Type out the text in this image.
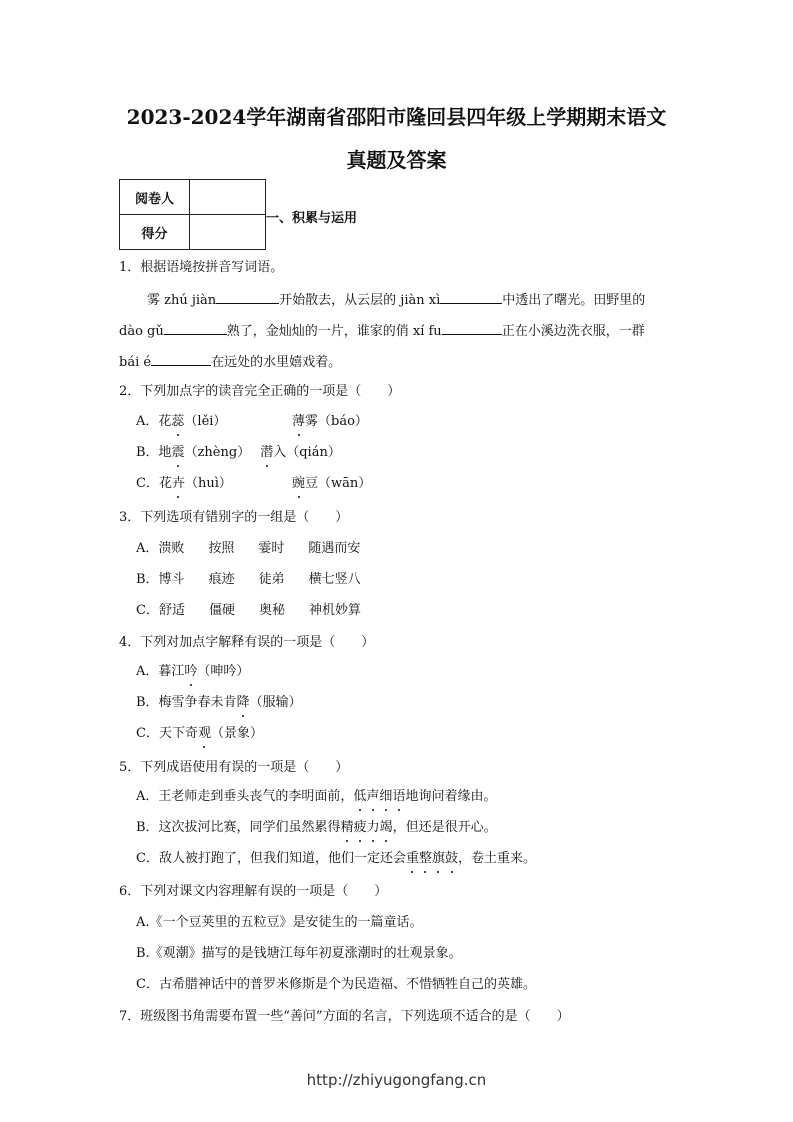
2023-2024学年湖南省邵阳市隆回县四年级上学期期末语文
真题及答案
阅卷人	
得分	
一、积累与运用
1．根据语境按拼音写词语。
雾 zhú jiàn	开始散去，从云层的 jiàn xì	中透出了曙光。田野里的
dào gǔ	熟了，金灿灿的一片，谁家的俏 xí fu	正在小溪边洗衣服，一群
bái é	在远处的水里嬉戏着。
2．下列加点字的读音完全正确的一项是（　　）
A．花蕊（lěi）	薄雾（báo）
B．地震（zhèng） 潜入（qián）
C．花卉（huì）	豌豆（wān）
3．下列选项有错别字的一组是（　　）
A．溃败 按照 霎时 随遇而安
B．博斗 痕迹 徒弟 横七竖八
C．舒适 僵硬 奥秘 神机妙算
4．下列对加点字解释有误的一项是（　　）
A．暮江吟（呻吟）
B．梅雪争春未肯降（服输）
C．天下奇观（景象）
5．下列成语使用有误的一项是（　　）
A．王老师走到垂头丧气的李明面前，低声细语地询问着缘由。
B．这次拔河比赛，同学们虽然累得精疲力竭，但还是很开心。
C．敌人被打跑了，但我们知道，他们一定还会重整旗鼓，卷土重来。
6．下列对课文内容理解有误的一项是（　　）
A.《一个豆荚里的五粒豆》是安徒生的一篇童话。
B.《观潮》描写的是钱塘江每年初夏涨潮时的壮观景象。
C．古希腊神话中的普罗米修斯是个为民造福、不惜牺牲自己的英雄。
7．班级图书角需要布置一些“善问”方面的名言，下列选项不适合的是（　　）
http://zhiyugongfang.cn
